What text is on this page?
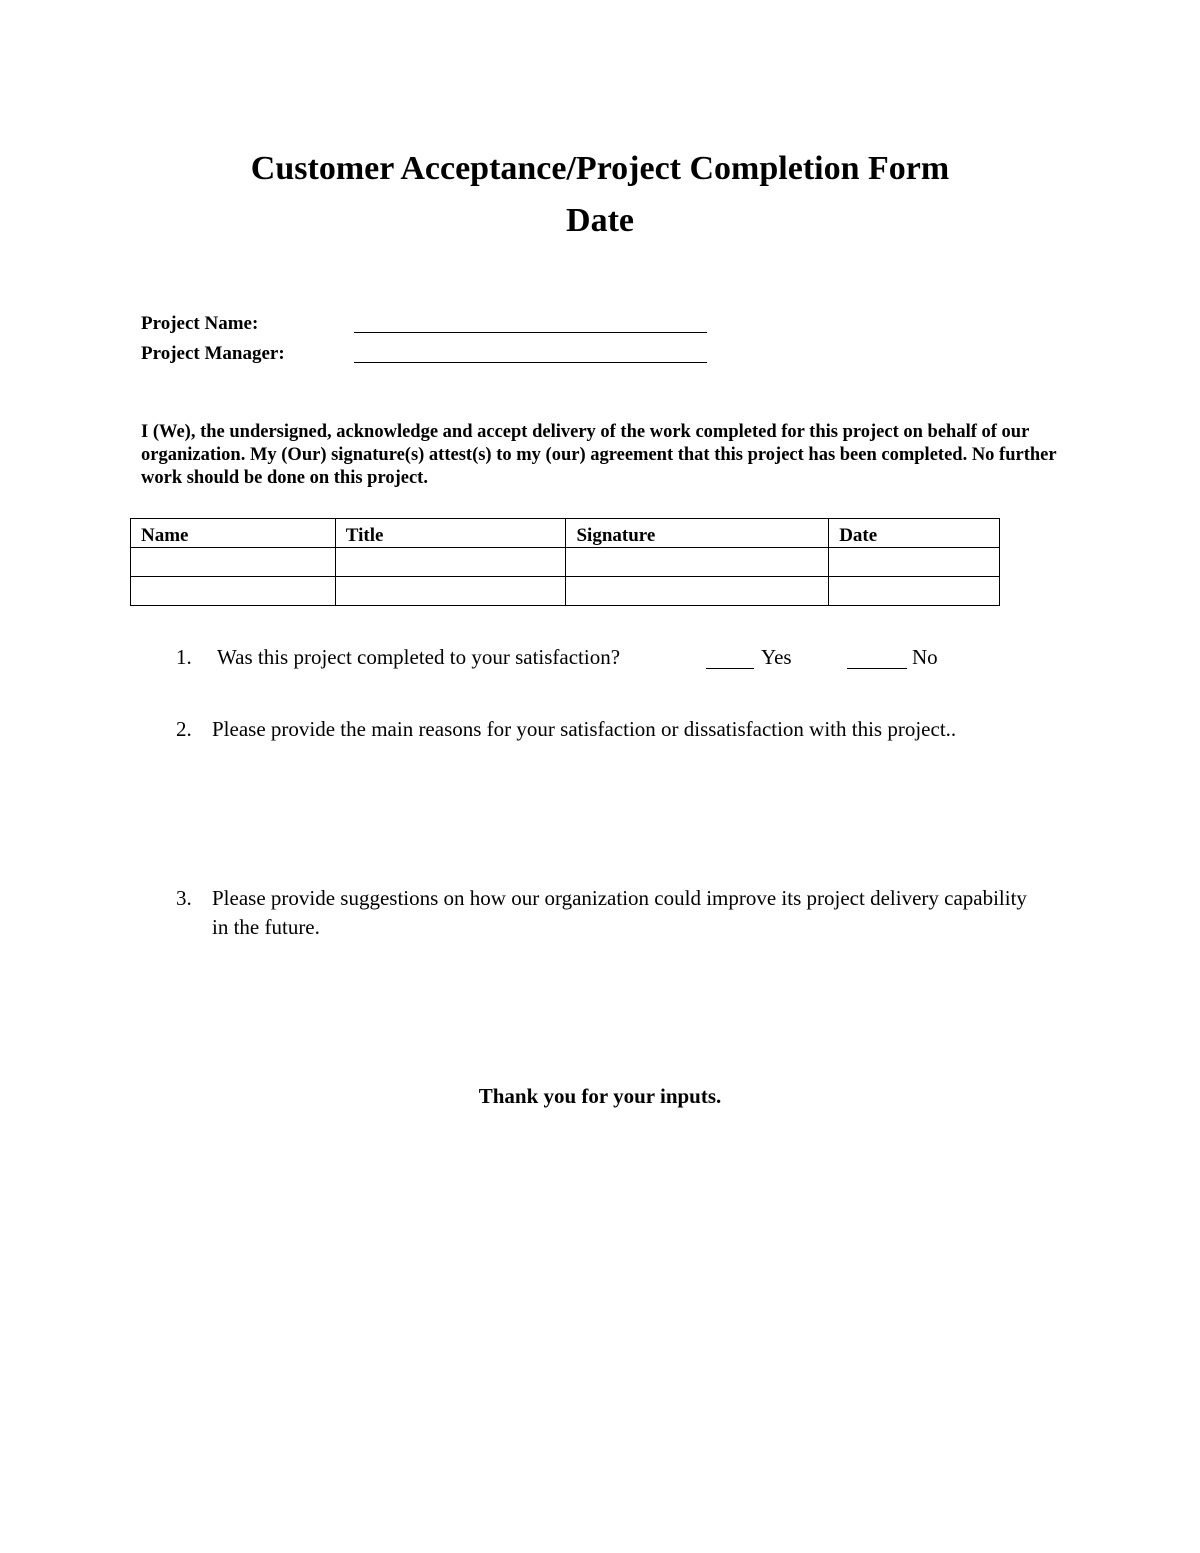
Customer Acceptance/Project Completion Form
Date
Project Name:
Project Manager:

I (We), the undersigned, acknowledge and accept delivery of the work completed for this project on behalf of our organization. My (Our) signature(s) attest(s) to my (our) agreement that this project has been completed. No further work should be done on this project.

Name	Title	Signature	Date

1. Was this project completed to your satisfaction?	Yes	No
2. Please provide the main reasons for your satisfaction or dissatisfaction with this project..
3. Please provide suggestions on how our organization could improve its project delivery capability in the future.

Thank you for your inputs.
